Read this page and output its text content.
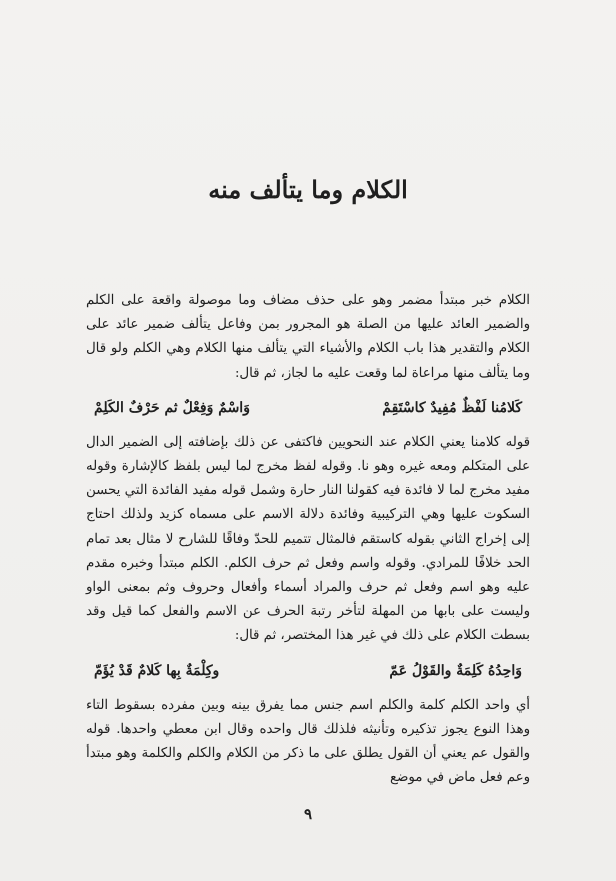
الكلام وما يتألف منه

الكلام خبر مبتدأ مضمر وهو على حذف مضاف وما موصولة واقعة على الكلم والضمير العائد عليها من الصلة هو المجرور بمن وفاعل يتألف ضمير عائد على الكلام والتقدير هذا باب الكلام والأشياء التي يتألف منها الكلام وهي الكلم ولو قال وما يتألف منها مراعاة لما وقعت عليه ما لجاز، ثم قال:

كَلامُنا لَفْظٌ مُفِيدٌ كاسْتَقِمْ
وَاسْمٌ وَفِعْلٌ ثم حَرْفٌ الكَلِمْ

قوله كلامنا يعني الكلام عند النحويين فاكتفى عن ذلك بإضافته إلى الضمير الدال على المتكلم ومعه غيره وهو نا. وقوله لفظ مخرج لما ليس بلفظ كالإشارة وقوله مفيد مخرج لما لا فائدة فيه كقولنا النار حارة وشمل قوله مفيد الفائدة التي يحسن السكوت عليها وهي التركيبية وفائدة دلالة الاسم على مسماه كزيد ولذلك احتاج إلى إخراج الثاني بقوله كاستقم فالمثال تتميم للحدّ وفاقًا للشارح لا مثال بعد تمام الحد خلافًا للمرادي. وقوله واسم وفعل ثم حرف الكلم. الكلم مبتدأ وخبره مقدم عليه وهو اسم وفعل ثم حرف والمراد أسماء وأفعال وحروف وثم بمعنى الواو وليست على بابها من المهلة لتأخر رتبة الحرف عن الاسم والفعل كما قيل وقد بسطت الكلام على ذلك في غير هذا المختصر، ثم قال:

وَاحِدُهُ كَلِمَةٌ والقَوْلُ عَمّ
وكِلْمَةٌ بِها كَلامٌ قَدْ يُؤَمّ

أي واحد الكلم كلمة والكلم اسم جنس مما يفرق بينه وبين مفرده بسقوط التاء وهذا النوع يجوز تذكيره وتأنيثه فلذلك قال واحده وقال ابن معطي واحدها. قوله والقول عم يعني أن القول يطلق على ما ذكر من الكلام والكلم والكلمة وهو مبتدأ وعم فعل ماض في موضع

٩
